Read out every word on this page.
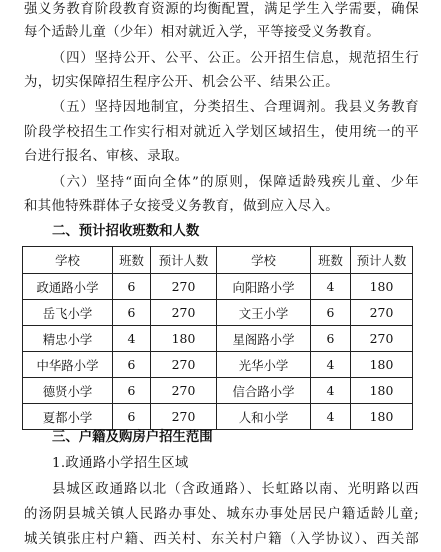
强义务教育阶段教育资源的均衡配置，满足学生入学需要，确保
每个适龄儿童（少年）相对就近入学，平等接受义务教育。
（四）坚持公开、公平、公正。公开招生信息，规范招生行
为，切实保障招生程序公开、机会公平、结果公正。
（五）坚持因地制宜，分类招生、合理调剂。我县义务教育
阶段学校招生工作实行相对就近入学划区域招生，使用统一的平
台进行报名、审核、录取。
（六）坚持“面向全体”的原则，保障适龄残疾儿童、少年
和其他特殊群体子女接受义务教育，做到应入尽入。
二、预计招收班数和人数
学校	班数	预计人数	学校	班数	预计人数
政通路小学	6	270	向阳路小学	4	180
岳飞小学	6	270	文王小学	6	270
精忠小学	4	180	星阁路小学	6	270
中华路小学	6	270	光华小学	4	180
德贤小学	6	270	信合路小学	4	180
夏都小学	6	270	人和小学	4	180
三、户籍及购房户招生范围
1.政通路小学招生区域
县城区政通路以北（含政通路）、长虹路以南、光明路以西
的汤阴县城关镇人民路办事处、城东办事处居民户籍适龄儿童;
城关镇张庄村户籍、西关村、东关村户籍（入学协议）、西关部
